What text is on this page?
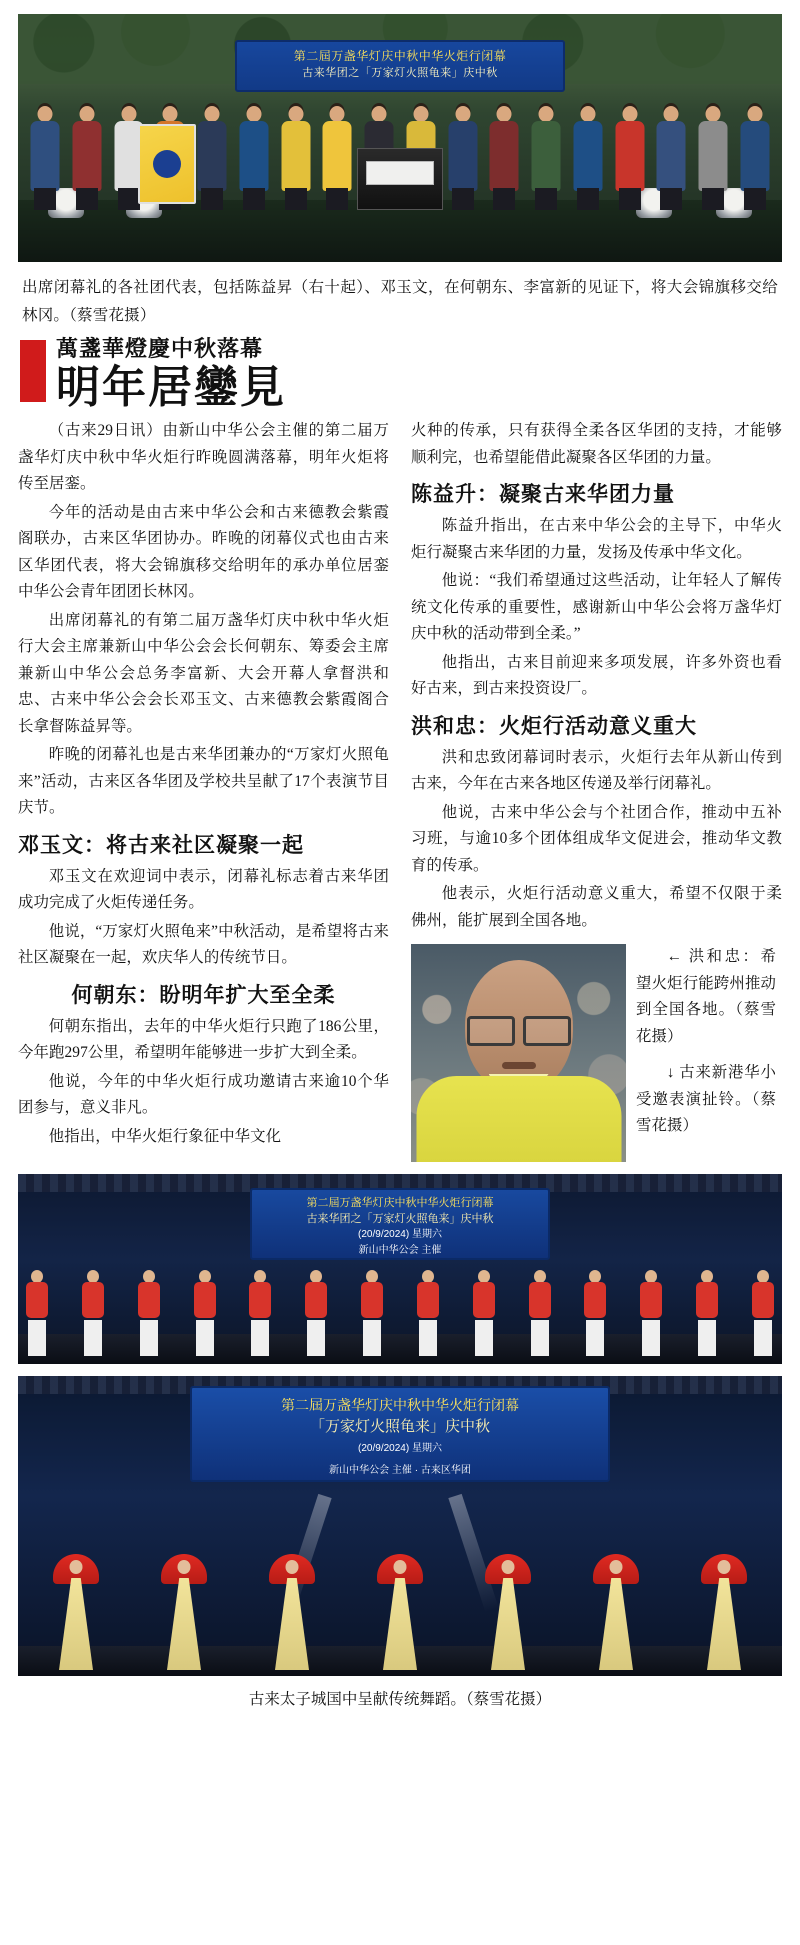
第二屆万盏华灯庆中秋中华火炬行闭幕
古来华团之「万家灯火照龟来」庆中秋

出席闭幕礼的各社团代表，包括陈益昇（右十起）、邓玉文，在何朝东、李富新的见证下，将大会锦旗移交给林冈。（蔡雪花摄）

萬盞華燈慶中秋落幕
明年居鑾見

（古来29日讯）由新山中华公会主催的第二届万盏华灯庆中秋中华火炬行昨晚圆满落幕，明年火炬将传至居銮。

今年的活动是由古来中华公会和古来德教会紫霞阁联办，古来区华团协办。昨晚的闭幕仪式也由古来区华团代表，将大会锦旗移交给明年的承办单位居銮中华公会青年团团长林冈。

出席闭幕礼的有第二届万盏华灯庆中秋中华火炬行大会主席兼新山中华公会会长何朝东、筹委会主席兼新山中华公会总务李富新、大会开幕人拿督洪和忠、古来中华公会会长邓玉文、古来德教会紫霞阁合长拿督陈益昇等。

昨晚的闭幕礼也是古来华团兼办的“万家灯火照龟来”活动，古来区各华团及学校共呈献了17个表演节目庆节。

邓玉文：将古来社区凝聚一起

邓玉文在欢迎词中表示，闭幕礼标志着古来华团成功完成了火炬传递任务。

他说，“万家灯火照龟来”中秋活动，是希望将古来社区凝聚在一起，欢庆华人的传统节日。

何朝东：盼明年扩大至全柔

何朝东指出，去年的中华火炬行只跑了186公里，今年跑297公里，希望明年能够进一步扩大到全柔。

他说，今年的中华火炬行成功邀请古来逾10个华团参与，意义非凡。

他指出，中华火炬行象征中华文化

火种的传承，只有获得全柔各区华团的支持，才能够顺利完，也希望能借此凝聚各区华团的力量。

陈益升：凝聚古来华团力量

陈益升指出，在古来中华公会的主导下，中华火炬行凝聚古来华团的力量，发扬及传承中华文化。

他说：“我们希望通过这些活动，让年轻人了解传统文化传承的重要性，感谢新山中华公会将万盏华灯庆中秋的活动带到全柔。”

他指出，古来目前迎来多项发展，许多外资也看好古来，到古来投资设厂。

洪和忠：火炬行活动意义重大

洪和忠致闭幕词时表示，火炬行去年从新山传到古来，今年在古来各地区传递及举行闭幕礼。

他说，古来中华公会与个社团合作，推动中五补习班，与逾10多个团体组成华文促进会，推动华文教育的传承。

他表示，火炬行活动意义重大，希望不仅限于柔佛州，能扩展到全国各地。

← 洪和忠：希望火炬行能跨州推动到全国各地。（蔡雪花摄）

↓ 古来新港华小受邀表演扯铃。（蔡雪花摄）

第二屆万盏华灯庆中秋中华火炬行闭幕
古来华团之「万家灯火照龟来」庆中秋
(20/9/2024) 星期六
新山中华公会 主催
第二屆万盏华灯庆中秋中华火炬行闭幕
「万家灯火照龟来」庆中秋
(20/9/2024) 星期六
新山中华公会 主催 · 古来区华团

古来太子城国中呈献传统舞蹈。（蔡雪花摄）
